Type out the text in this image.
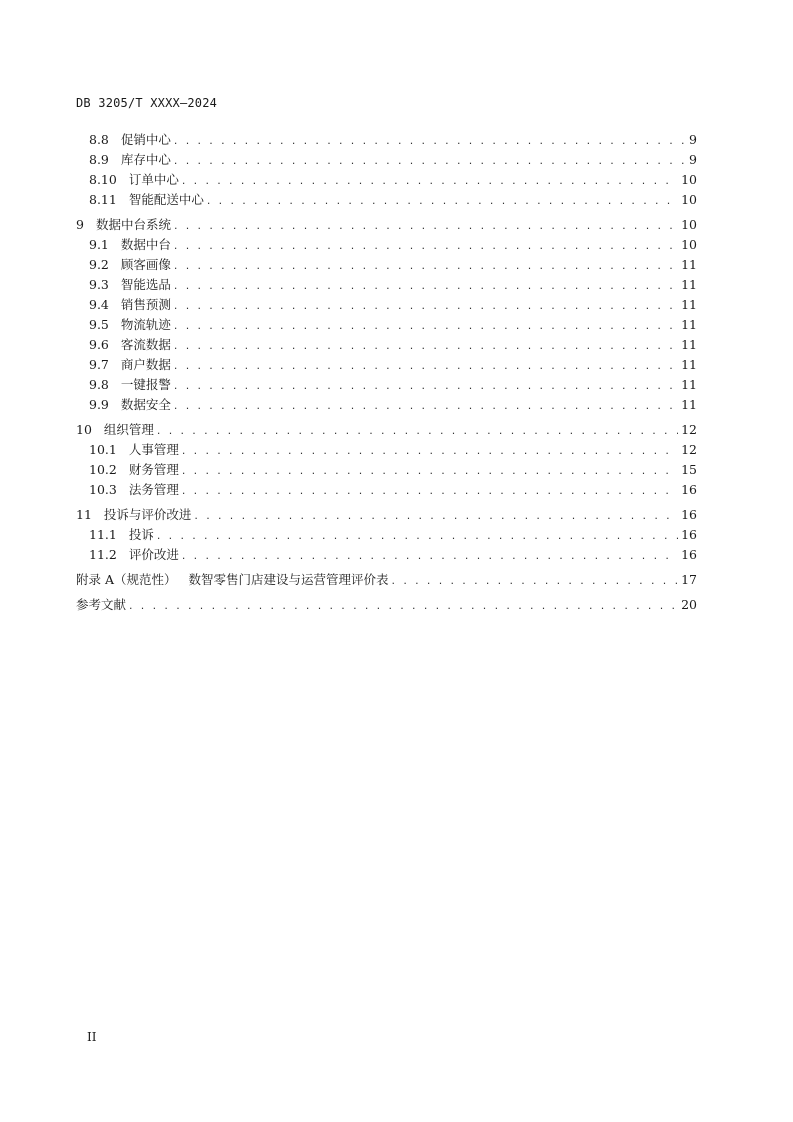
DB 3205/T XXXX—2024
8.8 促销中心 . . .	9
8.9 库存中心 . . .	9
8.10 订单中心 . . .	10
8.11 智能配送中心 . . .	10
9 数据中台系统 . . .	10
9.1 数据中台 . . .	10
9.2 顾客画像 . . .	11
9.3 智能选品 . . .	11
9.4 销售预测 . . .	11
9.5 物流轨迹 . . .	11
9.6 客流数据 . . .	11
9.7 商户数据 . . .	11
9.8 一键报警 . . .	11
9.9 数据安全 . . .	11
10 组织管理 . . .	12
10.1 人事管理 . . .	12
10.2 财务管理 . . .	15
10.3 法务管理 . . .	16
11 投诉与评价改进 . . .	16
11.1 投诉 . . .	16
11.2 评价改进 . . .	16
附录 A（规范性） 数智零售门店建设与运营管理评价表 . . .	17
参考文献 . . .	20
II
